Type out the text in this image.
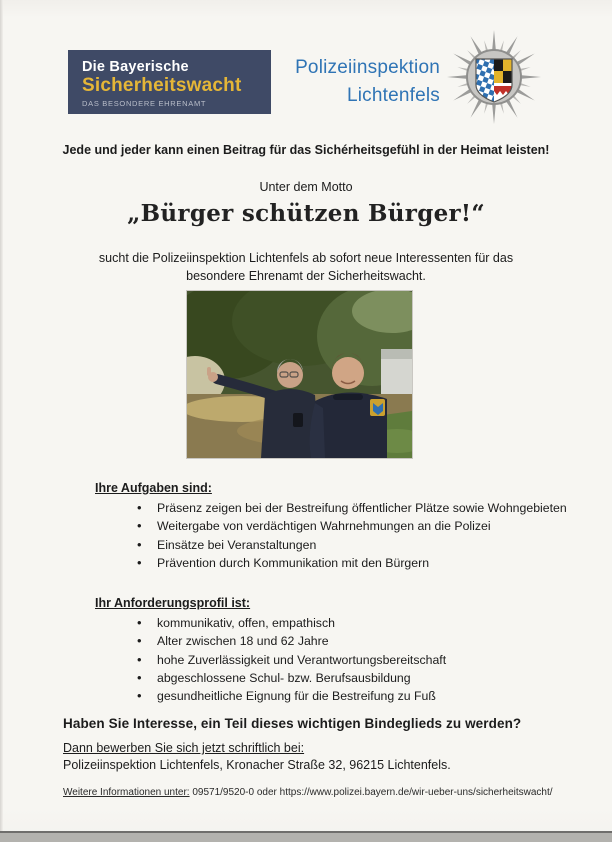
Die Bayerische
Sicherheitswacht
DAS BESONDERE EHRENAMT
Polizeiinspektion
Lichtenfels
Jede und jeder kann einen Beitrag für das Sichérheitsgefühl in der Heimat leisten!
Unter dem Motto
„Bürger schützen Bürger!“
sucht die Polizeiinspektion Lichtenfels ab sofort neue Interessenten für das
besondere Ehrenamt der Sicherheitswacht.
Ihre Aufgaben sind:
• Präsenz zeigen bei der Bestreifung öffentlicher Plätze sowie Wohngebieten
• Weitergabe von verdächtigen Wahrnehmungen an die Polizei
• Einsätze bei Veranstaltungen
• Prävention durch Kommunikation mit den Bürgern
Ihr Anforderungsprofil ist:
• kommunikativ, offen, empathisch
• Alter zwischen 18 und 62 Jahre
• hohe Zuverlässigkeit und Verantwortungsbereitschaft
• abgeschlossene Schul- bzw. Berufsausbildung
• gesundheitliche Eignung für die Bestreifung zu Fuß
Haben Sie Interesse, ein Teil dieses wichtigen Bindeglieds zu werden?
Dann bewerben Sie sich jetzt schriftlich bei:
Polizeiinspektion Lichtenfels, Kronacher Straße 32, 96215 Lichtenfels.
Weitere Informationen unter: 09571/9520-0 oder https://www.polizei.bayern.de/wir-ueber-uns/sicherheitswacht/
